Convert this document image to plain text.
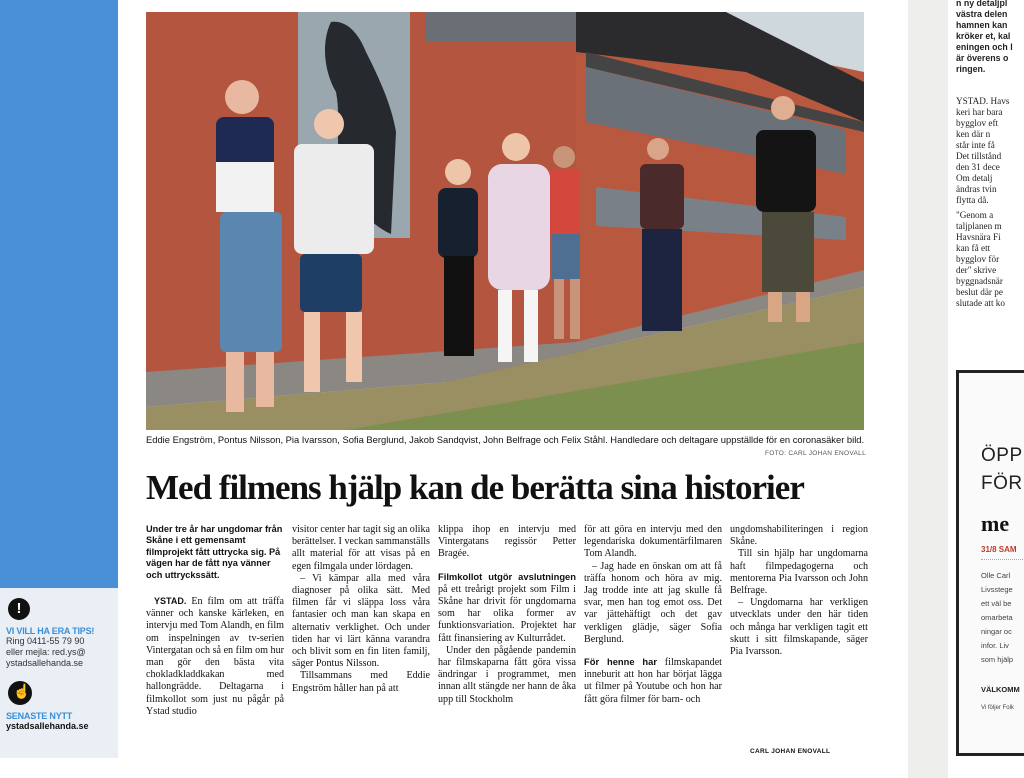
!
VI VILL HA ERA TIPS!
Ring 0411-55 79 90
eller mejla: red.ys@
ystadsallehanda.se
☝
SENASTE NYTT
ystadsallehanda.se
Eddie Engström, Pontus Nilsson, Pia Ivarsson, Sofia Berglund, Jakob Sandqvist, John Belfrage och Felix Ståhl. Handledare och deltagare uppställde för en coronasäker bild.
FOTO: CARL JOHAN ENOVALL
Med filmens hjälp kan de berätta sina historier

Under tre år har ungdomar från Skåne i ett gemensamt filmprojekt fått uttrycka sig. På vägen har de fått nya vänner och uttryckssätt.

YSTAD. En film om att träffa vänner och kanske kärleken, en intervju med Tom Alandh, en film om inspelningen av tv-serien Vintergatan och så en film om hur man gör den bästa vita chokladkladdkakan med hallongrädde. Deltagarna i filmkollot som just nu pågår på Ystad studio

visitor center har tagit sig an olika berättelser. I veckan sammanställs allt material för att visas på en egen filmgala under lördagen.

– Vi kämpar alla med våra diagnoser på olika sätt. Med filmen får vi släppa loss våra fantasier och man kan skapa en alternativ verklighet. Och under tiden har vi lärt känna varandra och blivit som en fin liten familj, säger Pontus Nilsson.

Tillsammans med Eddie Engström håller han på att

klippa ihop en intervju med Vintergatans regissör Petter Bragée.

Filmkollot utgör avslutningen på ett treårigt projekt som Film i Skåne har drivit för ungdomarna som har olika former av funktionsvariation. Projektet har fått finansiering av Kulturrådet.

Under den pågående pandemin har filmskaparna fått göra vissa ändringar i programmet, men innan allt stängde ner hann de åka upp till Stockholm

för att göra en intervju med den legendariska dokumentärfilmaren Tom Alandh.

– Jag hade en önskan om att få träffa honom och höra av mig. Jag trodde inte att jag skulle få svar, men han tog emot oss. Det var jättehäftigt och det gav verkligen glädje, säger Sofia Berglund.

För henne har filmskapandet inneburit att hon har börjat lägga ut filmer på Youtube och hon har fått göra filmer för barn- och

ungdomshabiliteringen i region Skåne.

Till sin hjälp har ungdomarna haft filmpedagogerna och mentorerna Pia Ivarsson och John Belfrage.

– Ungdomarna har verkligen utvecklats under den här tiden och många har verkligen tagit ett skutt i sitt filmskapande, säger Pia Ivarsson.

CARL JOHAN ENOVALL
n ny detaljpl
västra delen
hamnen kan
kröker et, kal
eningen och l
är överens o
ringen.
YSTAD. Havs
keri har bara
bygglov eft
ken där n
står inte få
Det tillstånd
den 31 dece
Om detalj
ändras tvin
flytta då.
"Genom a
taljplanen m
Havsnära Fi
kan få ett
bygglov för
der" skrive
byggnadsnär
beslut där pe
slutade att ko
ÖPP
FÖR
me
31/8 SAM
Olle Carl
Livsstege
ett väl be
omarbeta
ningar oc
infor. Liv
som hjälp
VÄLKOMM
Vi följer Folk
